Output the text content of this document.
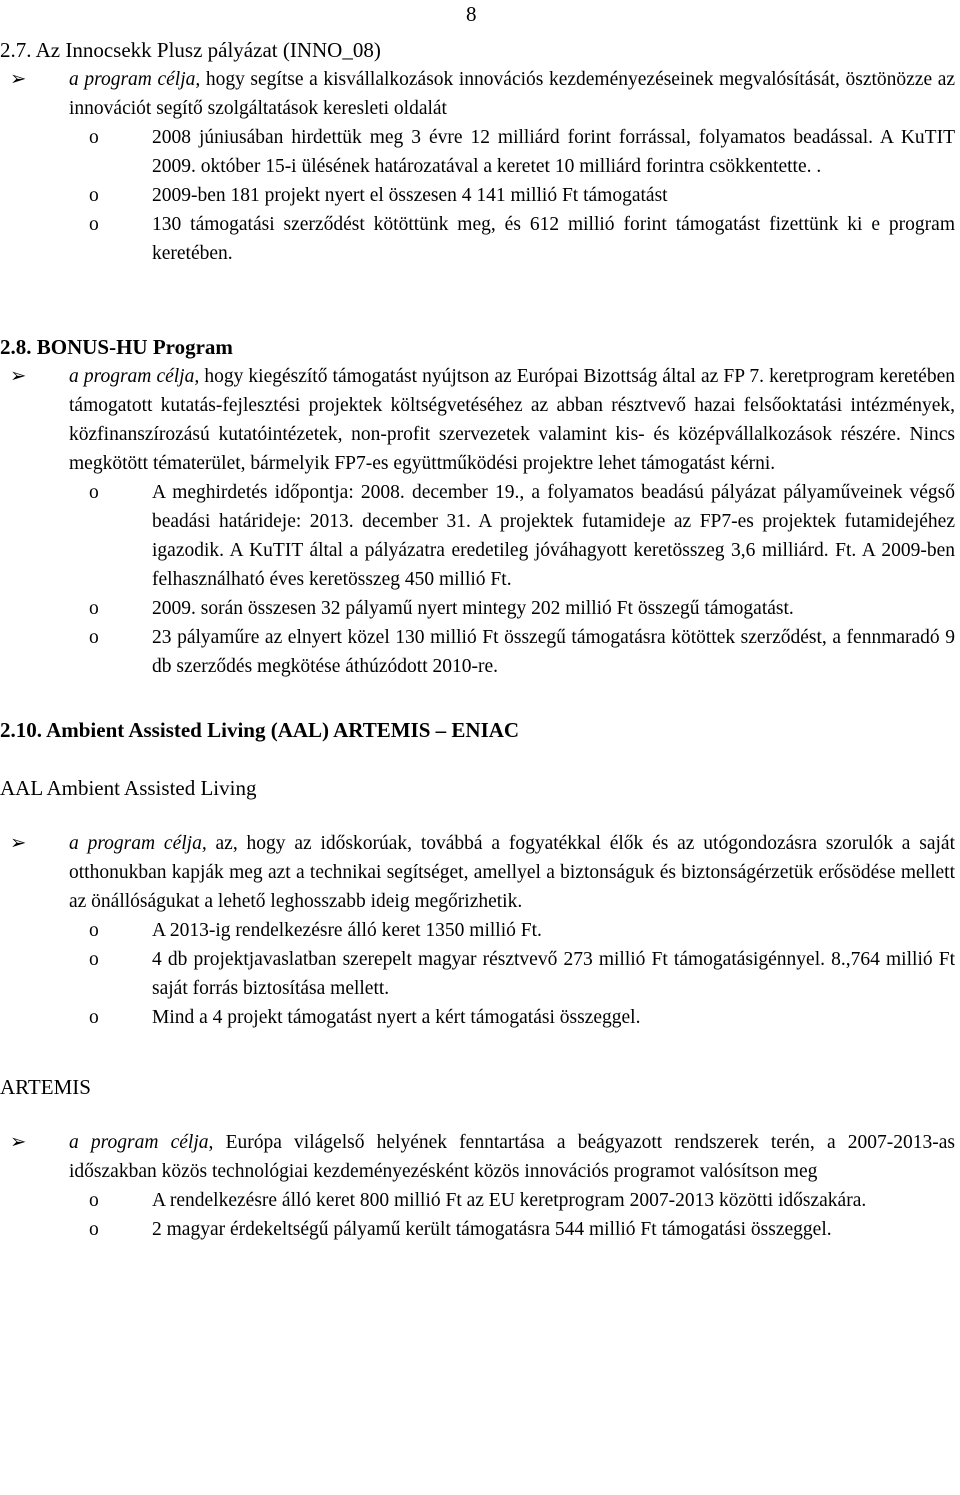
8

2.7. Az Innocsekk Plusz pályázat (INNO_08)

➢	a program célja, hogy segítse a kisvállalkozások innovációs kezdeményezéseinek megvalósítását, ösztönözze az innovációt segítő szolgáltatások keresleti oldalát
o	2008 júniusában hirdettük meg 3 évre 12 milliárd forint forrással, folyamatos beadással. A KuTIT 2009. október 15-i ülésének határozatával a keretet 10 milliárd forintra csökkentette. .
o	2009-ben 181 projekt nyert el összesen 4 141 millió Ft támogatást
o	130 támogatási szerződést kötöttünk meg, és 612 millió forint támogatást fizettünk ki e program keretében.

2.8. BONUS-HU Program

➢	a program célja, hogy kiegészítő támogatást nyújtson az Európai Bizottság által az FP 7. keretprogram keretében támogatott kutatás-fejlesztési projektek költségvetéséhez az abban résztvevő hazai felsőoktatási intézmények, közfinanszírozású kutatóintézetek, non-profit szervezetek valamint kis- és középvállalkozások részére. Nincs megkötött tématerület, bármelyik FP7-es együttműködési projektre lehet támogatást kérni.
o	A meghirdetés időpontja: 2008. december 19., a folyamatos beadású pályázat pályaműveinek végső beadási határideje: 2013. december 31. A projektek futamideje az FP7-es projektek futamidejéhez igazodik. A KuTIT által a pályázatra eredetileg jóváhagyott keretösszeg 3,6 milliárd. Ft. A 2009-ben felhasználható éves keretösszeg 450 millió Ft.
o	2009. során összesen 32 pályamű nyert mintegy 202 millió Ft összegű támogatást.
o	23 pályaműre az elnyert közel 130 millió Ft összegű támogatásra kötöttek szerződést, a fennmaradó 9 db szerződés megkötése áthúzódott 2010-re.

2.10. Ambient Assisted Living (AAL) ARTEMIS – ENIAC

AAL Ambient Assisted Living
➢	a program célja, az, hogy az időskorúak, továbbá a fogyatékkal élők és az utógondozásra szorulók a saját otthonukban kapják meg azt a technikai segítséget, amellyel a biztonságuk és biztonságérzetük erősödése mellett az önállóságukat a lehető leghosszabb ideig megőrizhetik.
o	A 2013-ig rendelkezésre álló keret 1350 millió Ft.
o	4 db projektjavaslatban szerepelt magyar résztvevő 273 millió Ft támogatásigénnyel. 8.,764 millió Ft saját forrás biztosítása mellett.
o	Mind a 4 projekt támogatást nyert a kért támogatási összeggel.
ARTEMIS
➢	a program célja, Európa világelső helyének fenntartása a beágyazott rendszerek terén, a 2007-2013-as időszakban közös technológiai kezdeményezésként közös innovációs programot valósítson meg
o	A rendelkezésre álló keret 800 millió Ft az EU keretprogram 2007-2013 közötti időszakára.
o	2 magyar érdekeltségű pályamű került támogatásra 544 millió Ft támogatási összeggel.
